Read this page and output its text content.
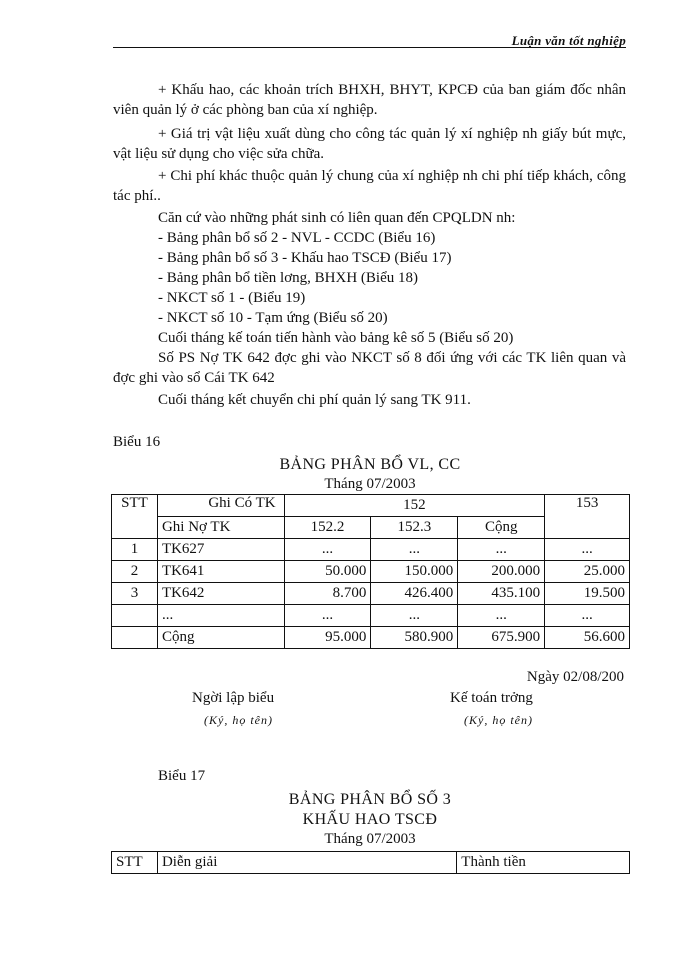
Luận văn tốt nghiệp
+ Khấu hao, các khoản trích BHXH, BHYT, KPCĐ của ban giám đốc nhân viên quản lý ở các phòng ban của xí nghiệp.
+ Giá trị vật liệu xuất dùng cho công tác quản lý xí nghiệp nh giấy bút mực, vật liệu sử dụng cho việc sửa chữa.
+ Chi phí khác thuộc quản lý chung của xí nghiệp nh chi phí tiếp khách, công tác phí..
Căn cứ vào những phát sinh có liên quan đến CPQLDN nh:
- Bảng phân bổ số 2 - NVL - CCDC (Biểu 16)
- Bảng phân bổ số 3 - Khấu hao TSCĐ (Biểu 17)
- Bảng phân bổ tiền lơng, BHXH (Biểu 18)
- NKCT số 1 - (Biểu 19)
- NKCT số 10 - Tạm ứng (Biểu số 20)
Cuối tháng kế toán tiến hành vào bảng kê số 5 (Biểu số 20)
Số PS Nợ TK 642 đợc ghi vào NKCT số 8 đối ứng với các TK liên quan và đợc ghi vào sổ Cái TK 642
Cuối tháng kết chuyển chi phí quản lý sang TK 911.
Biểu 16
BẢNG PHÂN BỔ VL, CC
Tháng 07/2003
STT	Ghi Có TK	152			153
	Ghi Nợ TK	152.2	152.3	Cộng	
1	TK627	...	...	...	...
2	TK641	50.000	150.000	200.000	25.000
3	TK642	8.700	426.400	435.100	19.500
	...	...	...	...	...
	Cộng	95.000	580.900	675.900	56.600
Ngày 02/08/200
Ngời lập biểu
(Ký, họ tên)
Kế toán trởng
(Ký, họ tên)
Biểu 17
BẢNG PHÂN BỔ SỐ 3
KHẤU HAO TSCĐ
Tháng 07/2003
STT	Diễn giải	Thành tiền
